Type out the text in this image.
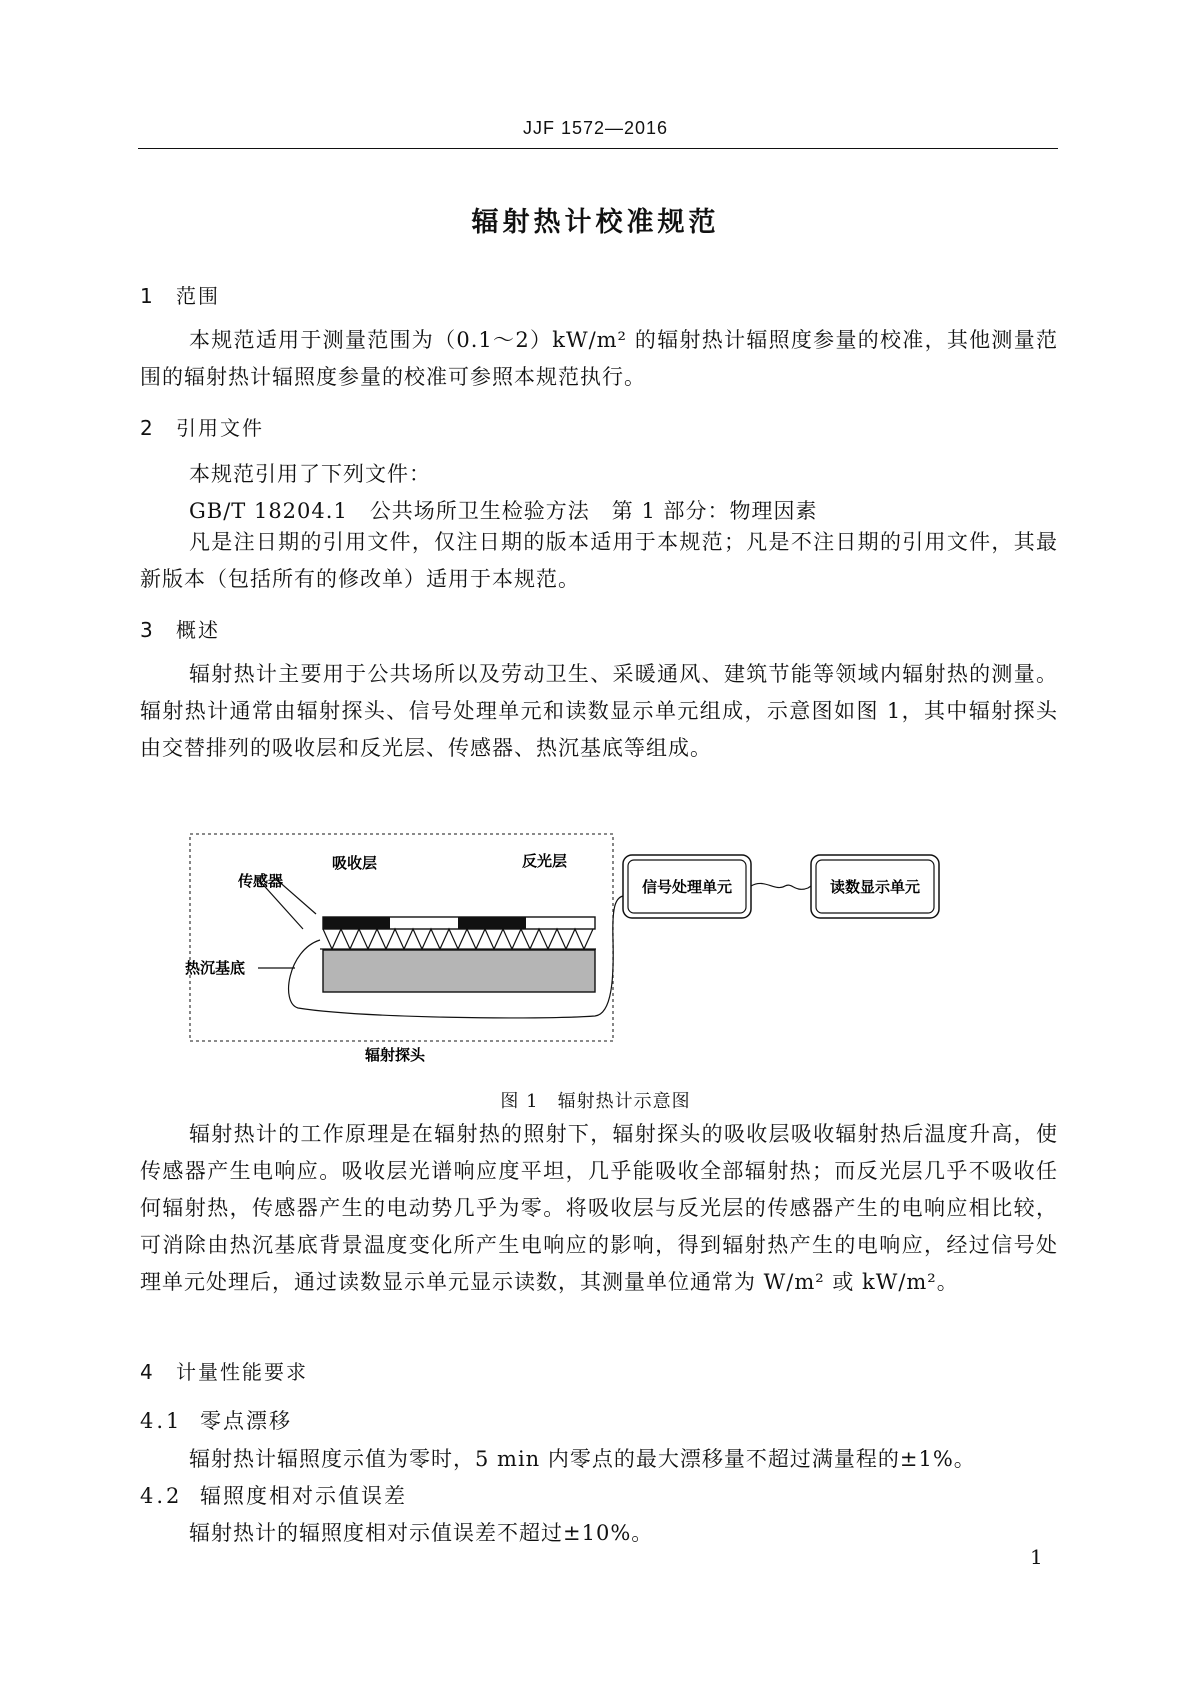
JJF 1572—2016
辐射热计校准规范
1 范围
本规范适用于测量范围为（0.1～2）kW/m² 的辐射热计辐照度参量的校准，其他测量范围的辐射热计辐照度参量的校准可参照本规范执行。
2 引用文件
本规范引用了下列文件：
GB/T 18204.1　公共场所卫生检验方法　第 1 部分：物理因素
凡是注日期的引用文件，仅注日期的版本适用于本规范；凡是不注日期的引用文件，其最新版本（包括所有的修改单）适用于本规范。
3 概述
辐射热计主要用于公共场所以及劳动卫生、采暖通风、建筑节能等领域内辐射热的测量。辐射热计通常由辐射探头、信号处理单元和读数显示单元组成，示意图如图 1，其中辐射探头由交替排列的吸收层和反光层、传感器、热沉基底等组成。
吸收层	反光层
传感器
热沉基底
辐射探头
信号处理单元	读数显示单元
图 1　辐射热计示意图
辐射热计的工作原理是在辐射热的照射下，辐射探头的吸收层吸收辐射热后温度升高，使传感器产生电响应。吸收层光谱响应度平坦，几乎能吸收全部辐射热；而反光层几乎不吸收任何辐射热，传感器产生的电动势几乎为零。将吸收层与反光层的传感器产生的电响应相比较，可消除由热沉基底背景温度变化所产生电响应的影响，得到辐射热产生的电响应，经过信号处理单元处理后，通过读数显示单元显示读数，其测量单位通常为 W/m² 或 kW/m²。
4 计量性能要求
4.1 零点漂移
辐射热计辐照度示值为零时，5 min 内零点的最大漂移量不超过满量程的±1%。
4.2 辐照度相对示值误差
辐射热计的辐照度相对示值误差不超过±10%。
1
